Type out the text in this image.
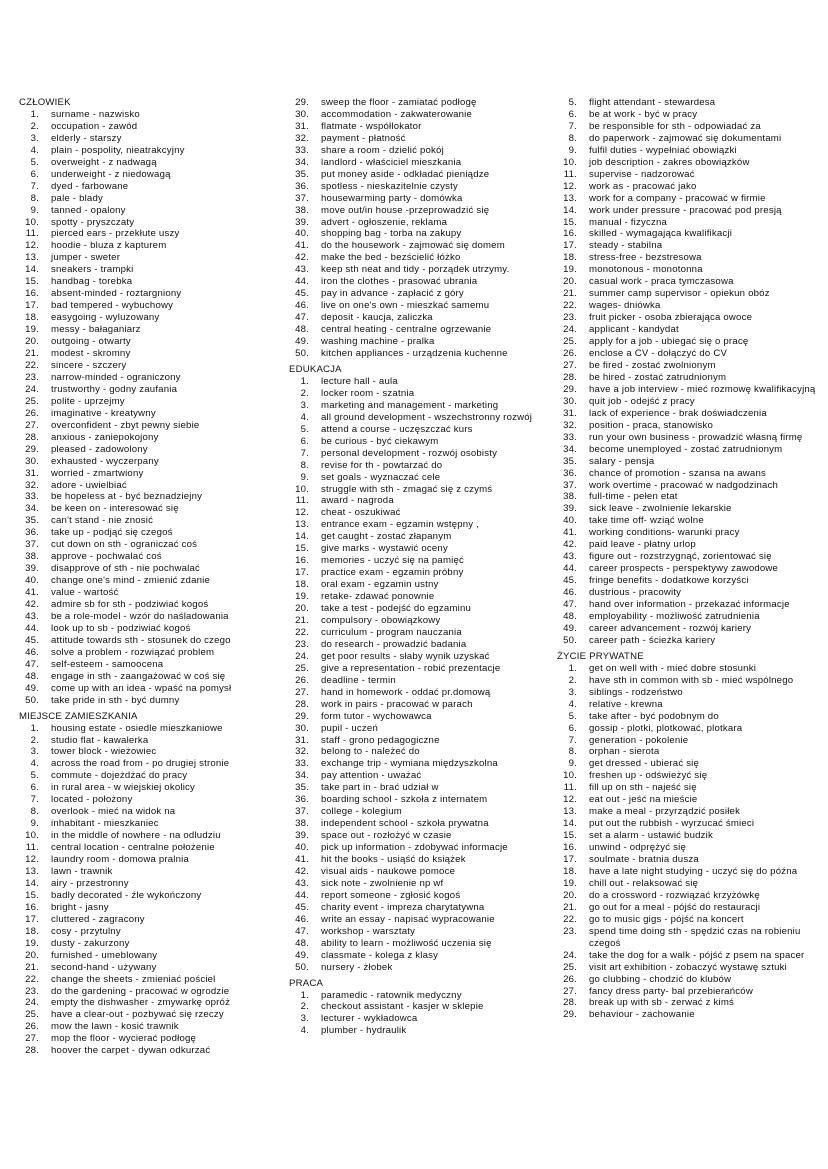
CZŁOWIEK
1.	surname - nazwisko
2.	occupation - zawód
3.	elderly - starszy
4.	plain - pospolity, nieatrakcyjny
5.	overweight - z nadwagą
6.	underweight - z niedowagą
7.	dyed - farbowane
8.	pale - blady
9.	tanned - opalony
10.	spotty - pryszczaty
11.	pierced ears - przekłute uszy
12.	hoodie - bluza z kapturem
13.	jumper - sweter
14.	sneakers - trampki
15.	handbag - torebka
16.	absent-minded - roztargniony
17.	bad tempered - wybuchowy
18.	easygoing - wyluzowany
19.	messy - bałaganiarz
20.	outgoing - otwarty
21.	modest - skromny
22.	sincere - szczery
23.	narrow-minded - ograniczony
24.	trustworthy - godny zaufania
25.	polite - uprzejmy
26.	imaginative - kreatywny
27.	overconfident - zbyt pewny siebie
28.	anxious - zaniepokojony
29.	pleased - zadowolony
30.	exhausted - wyczerpany
31.	worried - zmartwiony
32.	adore - uwielbiać
33.	be hopeless at - być beznadziejny
34.	be keen on - interesować się
35.	can't stand - nie znosić
36.	take up - podjąć się czegoś
37.	cut down on sth - ograniczać coś
38.	approve - pochwalać coś
39.	disapprove of sth - nie pochwalać
40.	change one's mind - zmienić zdanie
41.	value - wartość
42.	admire sb for sth - podziwiać kogoś
43.	be a role-model - wzór do naśladowania
44.	look up to sb - podziwiać kogoś
45.	attitude towards sth - stosunek do czego
46.	solve a problem - rozwiązać problem
47.	self-esteem - samoocena
48.	engage in sth - zaangażować w coś się
49.	come up with an idea - wpaść na pomysł
50.	take pride in sth - być dumny
MIEJSCE ZAMIESZKANIA
1.	housing estate - osiedle mieszkaniowe
2.	studio flat - kawalerka
3.	tower block - wieżowiec
4.	across the road from - po drugiej stronie
5.	commute - dojeżdżać do pracy
6.	in rural area - w wiejskiej okolicy
7.	located - położony
8.	overlook - mieć na widok na
9.	inhabitant - mieszkaniec
10.	in the middle of nowhere - na odludziu
11.	central location - centralne położenie
12.	laundry room - domowa pralnia
13.	lawn - trawnik
14.	airy - przestronny
15.	badly decorated - źle wykończony
16.	bright - jasny
17.	cluttered - zagracony
18.	cosy - przytulny
19.	dusty - zakurzony
20.	furnished - umeblowany
21.	second-hand - używany
22.	change the sheets - zmieniać pościel
23.	do the gardening - pracować w ogrodzie
24.	empty the dishwasher - zmywarkę opróż
25.	have a clear-out - pozbywać się rzeczy
26.	mow the lawn - kosić trawnik
27.	mop the floor - wycierać podłogę
28.	hoover the carpet - dywan odkurzać
29.	sweep the floor - zamiatać podłogę
30.	accommodation - zakwaterowanie
31.	flatmate - współlokator
32.	payment - płatność
33.	share a room - dzielić pokój
34.	landlord - właściciel mieszkania
35.	put money aside - odkładać pieniądze
36.	spotless - nieskazitelnie czysty
37.	housewarming party - domówka
38.	move out/in house -przeprowadzić się
39.	advert - ogłoszenie, reklama
40.	shopping bag - torba na zakupy
41.	do the housework - zajmować się domem
42.	make the bed - bezścielić łóżko
43.	keep sth neat and tidy - porządek utrzymy.
44.	iron the clothes - prasować ubrania
45.	pay in advance - zapłacić z góry
46.	live on one's own - mieszkać samemu
47.	deposit - kaucja, zaliczka
48.	central heating - centralne ogrzewanie
49.	washing machine - pralka
50.	kitchen appliances - urządzenia kuchenne
EDUKACJA
1.	lecture hall - aula
2.	locker room - szatnia
3.	marketing and management - marketing
4.	all ground development - wszechstronny rozwój
5.	attend a course - uczęszczać kurs
6.	be curious - być ciekawym
7.	personal development - rozwój osobisty
8.	revise for th - powtarzać do
9.	set goals - wyznaczać cele
10.	struggle with sth - zmagać się z czymś
11.	award - nagroda
12.	cheat - oszukiwać
13.	entrance exam - egzamin wstępny ,
14.	get caught - zostać złapanym
15.	give marks - wystawić oceny
16.	memories - uczyć się na pamięć
17.	practice exam - egzamin próbny
18.	oral exam - egzamin ustny
19.	retake- zdawać ponownie
20.	take a test - podejść do egzaminu
21.	compulsory - obowiązkowy
22.	curriculum - program nauczania
23.	do research - prowadzić badania
24.	get poor results - słaby wynik uzyskać
25.	give a representation - robić prezentacje
26.	deadline - termin
27.	hand in homework - oddać pr.domową
28.	work in pairs - pracować w parach
29.	form tutor - wychowawca
30.	pupil - uczeń
31.	staff - grono pedagogiczne
32.	belong to - należeć do
33.	exchange trip - wymiana międzyszkolna
34.	pay attention - uważać
35.	take part in - brać udział w
36.	boarding school - szkoła z internatem
37.	college - kolegium
38.	independent school - szkoła prywatna
39.	space out - rozłożyć w czasie
40.	pick up information - zdobywać informacje
41.	hit the books - usiąść do książek
42.	visual aids - naukowe pomoce
43.	sick note - zwolnienie np wf
44.	report someone - zgłosić kogoś
45.	charity event - impreza charytatywna
46.	write an essay - napisać wypracowanie
47.	workshop - warsztaty
48.	ability to learn - możliwość uczenia się
49.	classmate - kolega z klasy
50.	nursery - żłobek
PRACA
1.	paramedic - ratownik medyczny
2.	checkout assistant - kasjer w sklepie
3.	lecturer - wykładowca
4.	plumber - hydraulik
5.	flight attendant - stewardesa
6.	be at work - być w pracy
7.	be responsible for sth - odpowiadać za
8.	do paperwork - zajmować się dokumentami
9.	fulfil duties - wypełniać obowiązki
10.	job description - zakres obowiązków
11.	supervise - nadzorować
12.	work as - pracować jako
13.	work for a company - pracować w firmie
14.	work under pressure - pracować pod presją
15.	manual - fizyczna
16.	skilled - wymagająca kwalifikacji
17.	steady - stabilna
18.	stress-free - bezstresowa
19.	monotonous - monotonna
20.	casual work - praca tymczasowa
21.	summer camp supervisor - opiekun obóz
22.	wages- dniówka
23.	fruit picker - osoba zbierająca owoce
24.	applicant - kandydat
25.	apply for a job - ubiegać się o pracę
26.	enclose a CV - dołączyć do CV
27.	be fired - zostać zwolnionym
28.	be hired - zostać zatrudnionym
29.	have a job interview - mieć rozmowę kwalifikacyjną
30.	quit job - odejść z pracy
31.	lack of experience - brak doświadczenia
32.	position - praca, stanowisko
33.	run your own business - prowadzić własną firmę
34.	become unemployed - zostać zatrudnionym
35.	salary - pensja
36.	chance of promotion - szansa na awans
37.	work overtime - pracować w nadgodzinach
38.	full-time - pełen etat
39.	sick leave - zwolnienie lekarskie
40.	take time off- wziąć wolne
41.	working conditions- warunki pracy
42.	paid leave - płatny urlop
43.	figure out - rozstrzygnąć, zorientować się
44.	career prospects - perspektywy zawodowe
45.	fringe benefits - dodatkowe korzyści
46.	dustrious - pracowity
47.	hand over information - przekazać informacje
48.	employability - możliwość zatrudnienia
49.	career advancement - rozwój kariery
50.	career path - ścieżka kariery
ŻYCIE PRYWATNE
1.	get on well with - mieć dobre stosunki
2.	have sth in common with sb - mieć wspólnego
3.	siblings - rodzeństwo
4.	relative - krewna
5.	take after - być podobnym do
6.	gossip - plotki, plotkować, plotkara
7.	generation - pokolenie
8.	orphan - sierota
9.	get dressed - ubierać się
10.	freshen up - odświeżyć się
11.	fill up on sth - najeść się
12.	eat out - jeść na mieście
13.	make a meal - przyrządzić posiłek
14.	put out the rubbish - wyrzucać śmieci
15.	set a alarm - ustawić budzik
16.	unwind - odprężyć się
17.	soulmate - bratnia dusza
18.	have a late night studying - uczyć się do późna
19.	chill out - relaksować się
20.	do a crossword - rozwiązać krzyżówkę
21.	go out for a meal - pójść do restauracji
22.	go to music gigs - pójść na koncert
23.	spend time doing sth - spędzić czas na robieniu czegoś
24.	take the dog for a walk - pójść z psem na spacer
25.	visit art exhibition - zobaczyć wystawę sztuki
26.	go clubbing - chodzić do klubów
27.	fancy dress party- bal przebierańców
28.	break up with sb - zerwać z kimś
29.	behaviour - zachowanie
